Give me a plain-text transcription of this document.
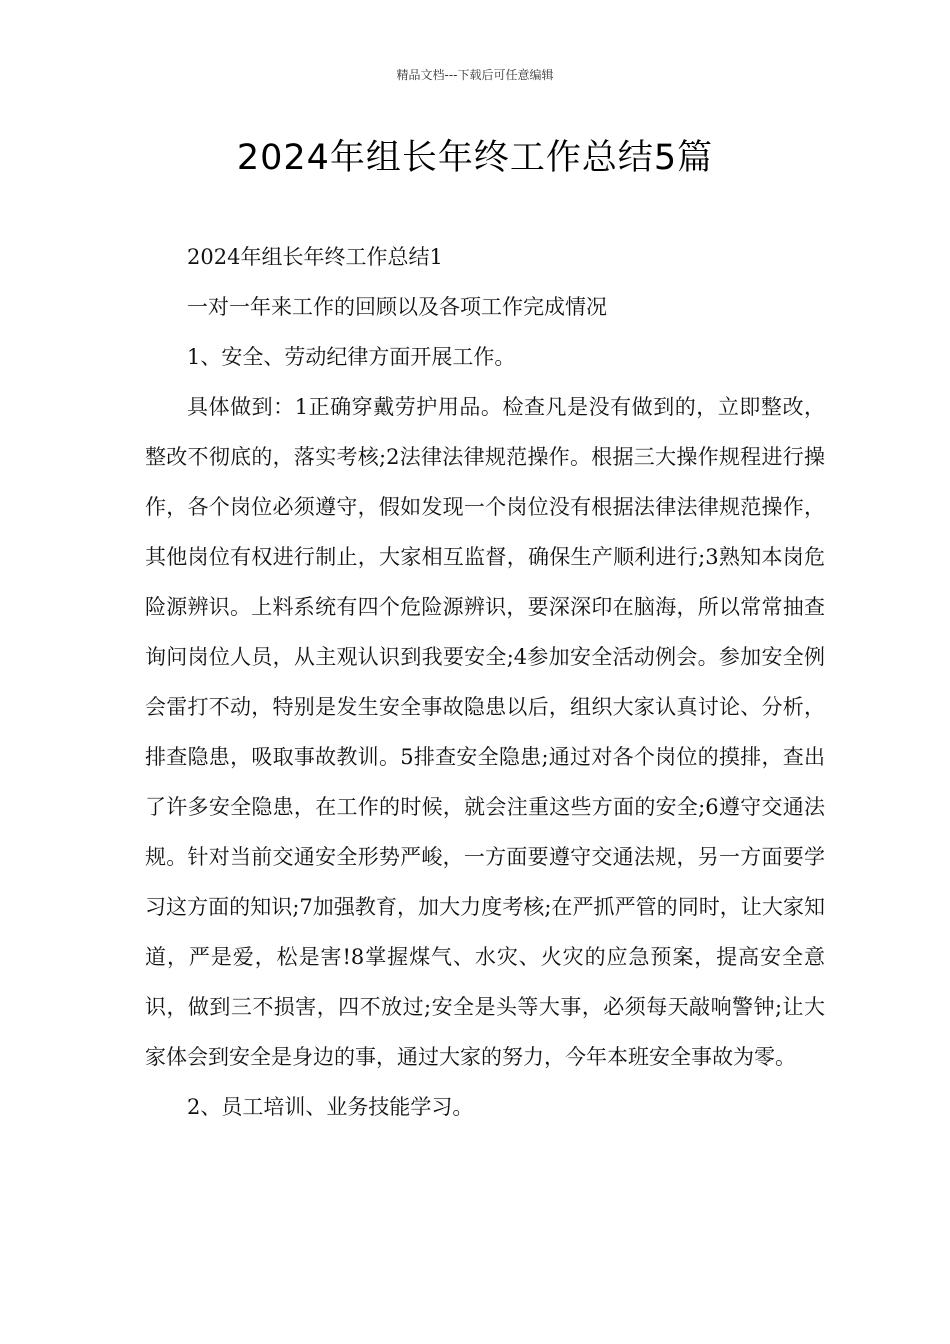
精品文档---下载后可任意编辑
2024年组长年终工作总结5篇

2024年组长年终工作总结1

一对一年来工作的回顾以及各项工作完成情况

1、安全、劳动纪律方面开展工作。

具体做到：1正确穿戴劳护用品。检查凡是没有做到的，立即整改，整改不彻底的，落实考核;2法律法律规范操作。根据三大操作规程进行操作，各个岗位必须遵守，假如发现一个岗位没有根据法律法律规范操作，其他岗位有权进行制止，大家相互监督，确保生产顺利进行;3熟知本岗危险源辨识。上料系统有四个危险源辨识，要深深印在脑海，所以常常抽查询问岗位人员，从主观认识到我要安全;4参加安全活动例会。参加安全例会雷打不动，特别是发生安全事故隐患以后，组织大家认真讨论、分析，排查隐患，吸取事故教训。5排查安全隐患;通过对各个岗位的摸排，查出了许多安全隐患，在工作的时候，就会注重这些方面的安全;6遵守交通法规。针对当前交通安全形势严峻，一方面要遵守交通法规，另一方面要学习这方面的知识;7加强教育，加大力度考核;在严抓严管的同时，让大家知道，严是爱，松是害!8掌握煤气、水灾、火灾的应急预案，提高安全意识，做到三不损害，四不放过;安全是头等大事，必须每天敲响警钟;让大家体会到安全是身边的事，通过大家的努力，今年本班安全事故为零。

2、员工培训、业务技能学习。
